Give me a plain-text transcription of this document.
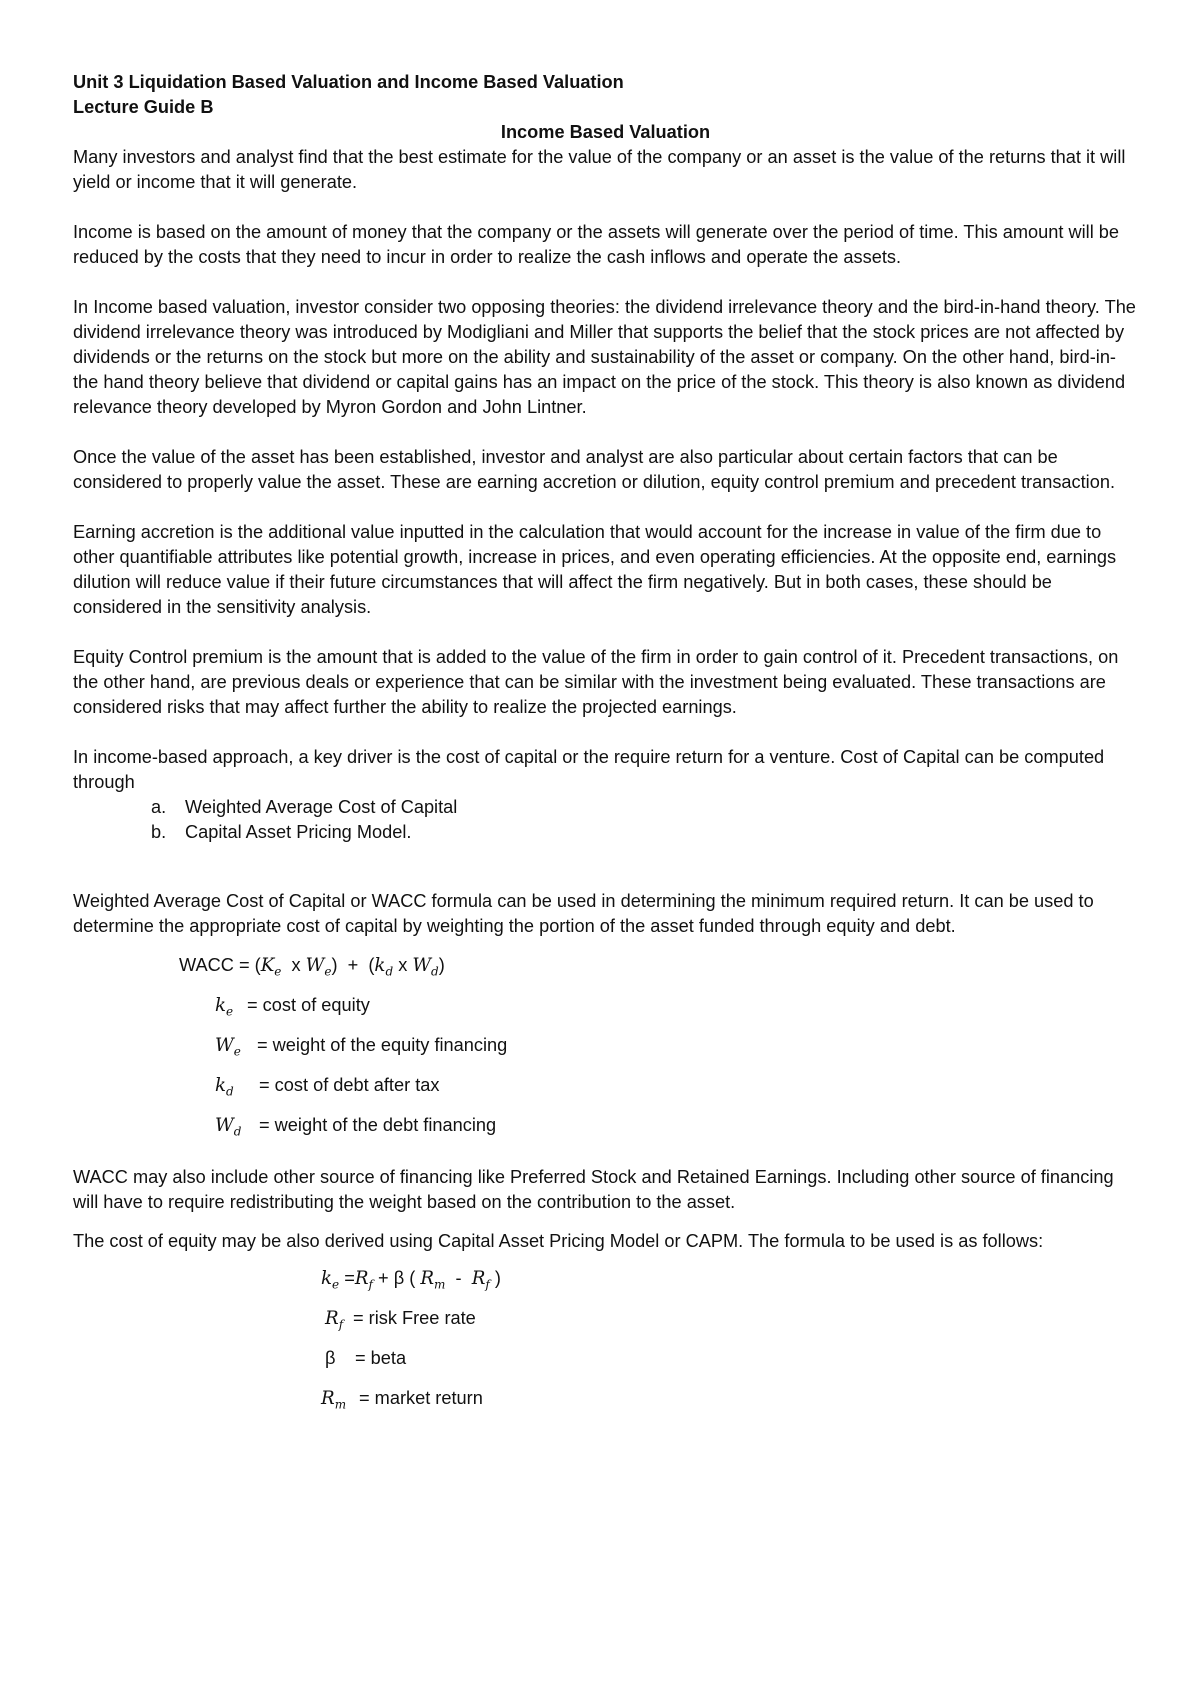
Unit 3 Liquidation Based Valuation and Income Based Valuation
Lecture Guide B
Income Based Valuation

Many investors and analyst find that the best estimate for the value of the company or an asset is the value of the returns that it will yield or income that it will generate.

Income is based on the amount of money that the company or the assets will generate over the period of time. This amount will be reduced by the costs that they need to incur in order to realize the cash inflows and operate the assets.

In Income based valuation, investor consider two opposing theories: the dividend irrelevance theory and the bird-in-hand theory. The dividend irrelevance theory was introduced by Modigliani and Miller that supports the belief that the stock prices are not affected by dividends or the returns on the stock but more on the ability and sustainability of the asset or company. On the other hand, bird-in-the hand theory believe that dividend or capital gains has an impact on the price of the stock. This theory is also known as dividend relevance theory developed by Myron Gordon and John Lintner.

Once the value of the asset has been established, investor and analyst are also particular about certain factors that can be considered to properly value the asset. These are earning accretion or dilution, equity control premium and precedent transaction.

Earning accretion is the additional value inputted in the calculation that would account for the increase in value of the firm due to other quantifiable attributes like potential growth, increase in prices, and even operating efficiencies. At the opposite end, earnings dilution will reduce value if their future circumstances that will affect the firm negatively. But in both cases, these should be considered in the sensitivity analysis.

Equity Control premium is the amount that is added to the value of the firm in order to gain control of it. Precedent transactions, on the other hand, are previous deals or experience that can be similar with the investment being evaluated. These transactions are considered risks that may affect further the ability to realize the projected earnings.

In income-based approach, a key driver is the cost of capital or the require return for a venture. Cost of Capital can be computed through

a. Weighted Average Cost of Capital
b. Capital Asset Pricing Model.

Weighted Average Cost of Capital or WACC formula can be used in determining the minimum required return. It can be used to determine the appropriate cost of capital by weighting the portion of the asset funded through equity and debt.

WACC = ($K_e$  x $W_e) + (k_d$ x $W_d$)
$k_e = \cos t$ of equity
$W_e$ = weight of the equity financing
$k_d = \cos t$ of debt after tax
$W_d$ = weight of the debt financing

WACC may also include other source of financing like Preferred Stock and Retained Earnings. Including other source of financing will have to require redistributing the weight based on the contribution to the asset.

The cost of equity may be also derived using Capital Asset Pricing Model or CAPM. The formula to be used is as follows:

$k_e =R_f + \beta$ ( $R_m - R_f$ )
$R_f$ = risk Free rate
β = beta
$R_m$ = market return
